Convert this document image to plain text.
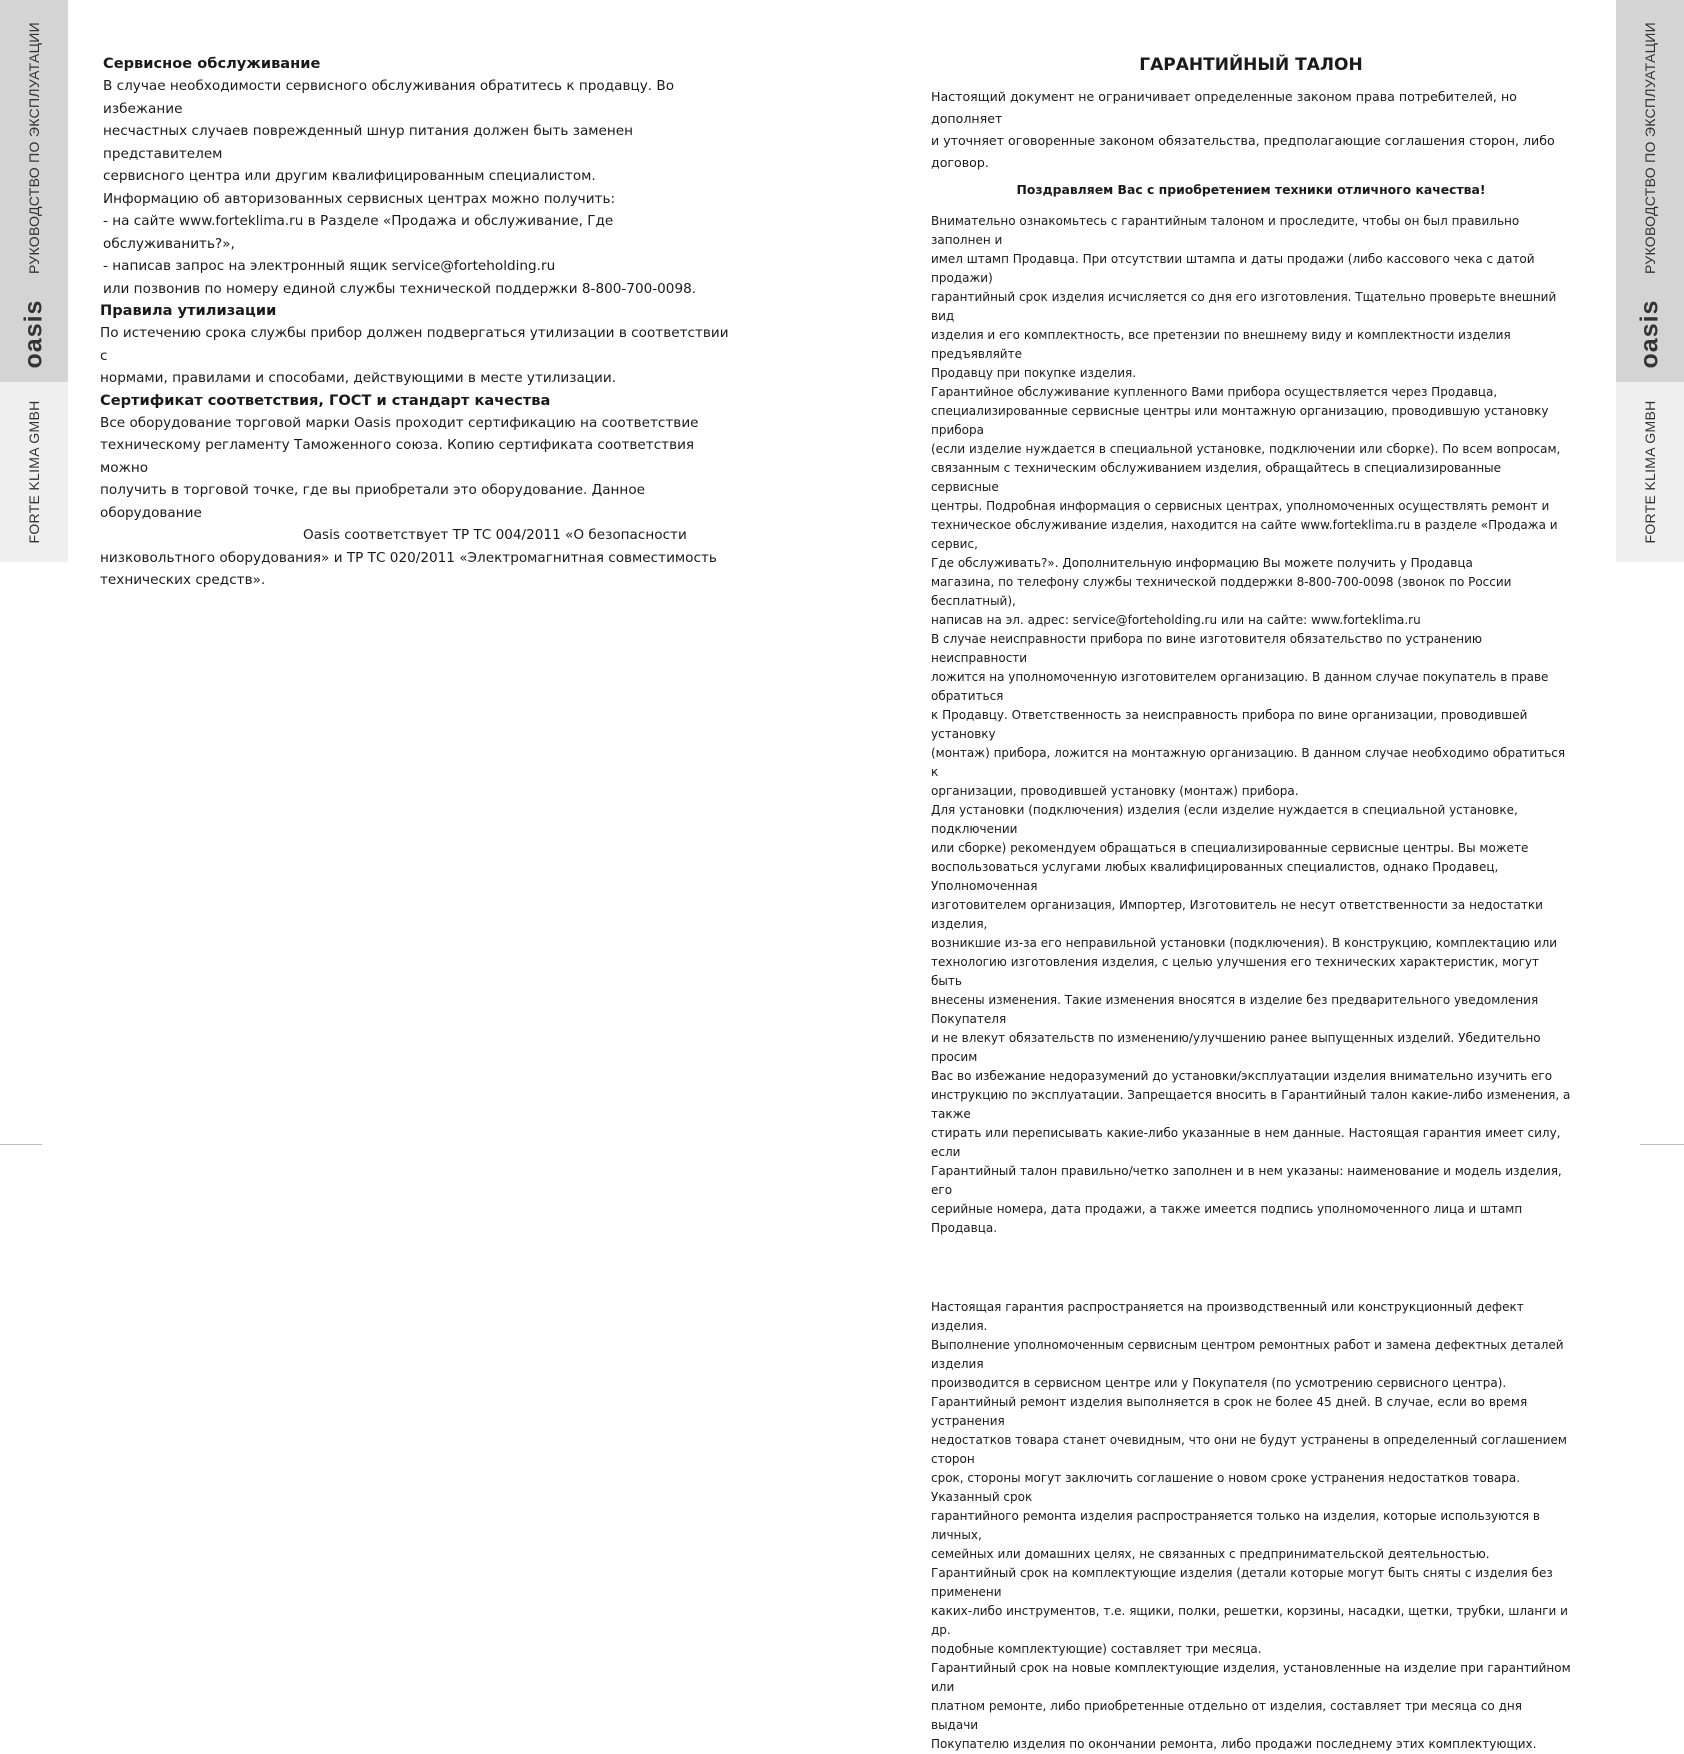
РУКОВОДСТВО ПО ЭКСПЛУАТАЦИИ
oasis
FORTE KLIMA GMBH
РУКОВОДСТВО ПО ЭКСПЛУАТАЦИИ
oasis
FORTE KLIMA GMBH
Сервисное обслуживание

В случае необходимости сервисного обслуживания обратитесь к продавцу. Во избежание

несчастных случаев поврежденный шнур питания должен быть заменен представителем

сервисного центра или другим квалифицированным специалистом.

Информацию об авторизованных сервисных центрах можно получить:

- на сайте www.forteklima.ru в Разделе «Продажа и обслуживание, Где обслуживанить?»,

- написав запрос на электронный ящик service@forteholding.ru

или позвонив по номеру единой службы технической поддержки 8-800-700-0098.

Правила утилизации

По истечению срока службы прибор должен подвергаться утилизации в соответствии с

нормами, правилами и способами, действующими в месте утилизации.

Сертификат соответствия, ГОСТ и стандарт качества

Все оборудование торговой марки Oasis проходит сертификацию на соответствие

техническому регламенту Таможенного союза. Копию сертификата соответствия можно

получить в торговой точке, где вы приобретали это оборудование. Данное оборудование

Oasis соответствует ТР ТС 004/2011 «О безопасности

низковольтного оборудования» и ТР ТС 020/2011 «Электромагнитная совместимость

технических средств».

ГАРАНТИЙНЫЙ ТАЛОН
Настоящий документ не ограничивает определенные законом права потребителей, но дополняет
и уточняет оговоренные законом обязательства, предполагающие соглашения сторон, либо
договор.
Поздравляем Вас с приобретением техники отличного качества!

Внимательно ознакомьтесь с гарантийным талоном и проследите, чтобы он был правильно заполнен и

имел штамп Продавца. При отсутствии штампа и даты продажи (либо кассового чека с датой продажи)

гарантийный срок изделия исчисляется со дня его изготовления. Тщательно проверьте внешний вид

изделия и его комплектность, все претензии по внешнему виду и комплектности изделия предъявляйте

Продавцу при покупке изделия.

Гарантийное обслуживание купленного Вами прибора осуществляется через Продавца,

специализированные сервисные центры или монтажную организацию, проводившую установку прибора

(если изделие нуждается в специальной установке, подключении или сборке). По всем вопросам,

связанным с техническим обслуживанием изделия, обращайтесь в специализированные сервисные

центры. Подробная информация о сервисных центрах, уполномоченных осуществлять ремонт и

техническое обслуживание изделия, находится на сайте www.forteklima.ru в разделе «Продажа и сервис,

Где обслуживать?». Дополнительную информацию Вы можете получить у Продавца

магазина, по телефону службы технической поддержки 8-800-700-0098 (звонок по России бесплатный),

написав на эл. адрес: service@forteholding.ru или на сайте: www.forteklima.ru

В случае неисправности прибора по вине изготовителя обязательство по устранению неисправности

ложится на уполномоченную изготовителем организацию. В данном случае покупатель в праве обратиться

к Продавцу. Ответственность за неисправность прибора по вине организации, проводившей установку

(монтаж) прибора, ложится на монтажную организацию. В данном случае необходимо обратиться к

организации, проводившей установку (монтаж) прибора.

Для установки (подключения) изделия (если изделие нуждается в специальной установке, подключении

или сборке) рекомендуем обращаться в специализированные сервисные центры. Вы можете

воспользоваться услугами любых квалифицированных специалистов, однако Продавец, Уполномоченная

изготовителем организация, Импортер, Изготовитель не несут ответственности за недостатки изделия,

возникшие из-за его неправильной установки (подключения). В конструкцию, комплектацию или

технологию изготовления изделия, с целью улучшения его технических характеристик, могут быть

внесены изменения. Такие изменения вносятся в изделие без предварительного уведомления Покупателя

и не влекут обязательств по изменению/улучшению ранее выпущенных изделий. Убедительно просим

Вас во избежание недоразумений до установки/эксплуатации изделия внимательно изучить его

инструкцию по эксплуатации. Запрещается вносить в Гарантийный талон какие-либо изменения, а также

стирать или переписывать какие-либо указанные в нем данные. Настоящая гарантия имеет силу, если

Гарантийный талон правильно/четко заполнен и в нем указаны: наименование и модель изделия, его

серийные номера, дата продажи, а также имеется подпись уполномоченного лица и штамп Продавца.

Настоящая гарантия распространяется на производственный или конструкционный дефект изделия.

Выполнение уполномоченным сервисным центром ремонтных работ и замена дефектных деталей изделия

производится в сервисном центре или у Покупателя (по усмотрению сервисного центра).

Гарантийный ремонт изделия выполняется в срок не более 45 дней. В случае, если во время устранения

недостатков товара станет очевидным, что они не будут устранены в определенный соглашением сторон

срок, стороны могут заключить соглашение о новом сроке устранения недостатков товара. Указанный срок

гарантийного ремонта изделия распространяется только на изделия, которые используются в личных,

семейных или домашних целях, не связанных с предпринимательской деятельностью.

Гарантийный срок на комплектующие изделия (детали которые могут быть сняты с изделия без применени

каких-либо инструментов, т.е. ящики, полки, решетки, корзины, насадки, щетки, трубки, шланги и др.

подобные комплектующие) составляет три месяца.

Гарантийный срок на новые комплектующие изделия, установленные на изделие при гарантийном или

платном ремонте, либо приобретенные отдельно от изделия, составляет три месяца со дня выдачи

Покупателю изделия по окончании ремонта, либо продажи последнему этих комплектующих.
